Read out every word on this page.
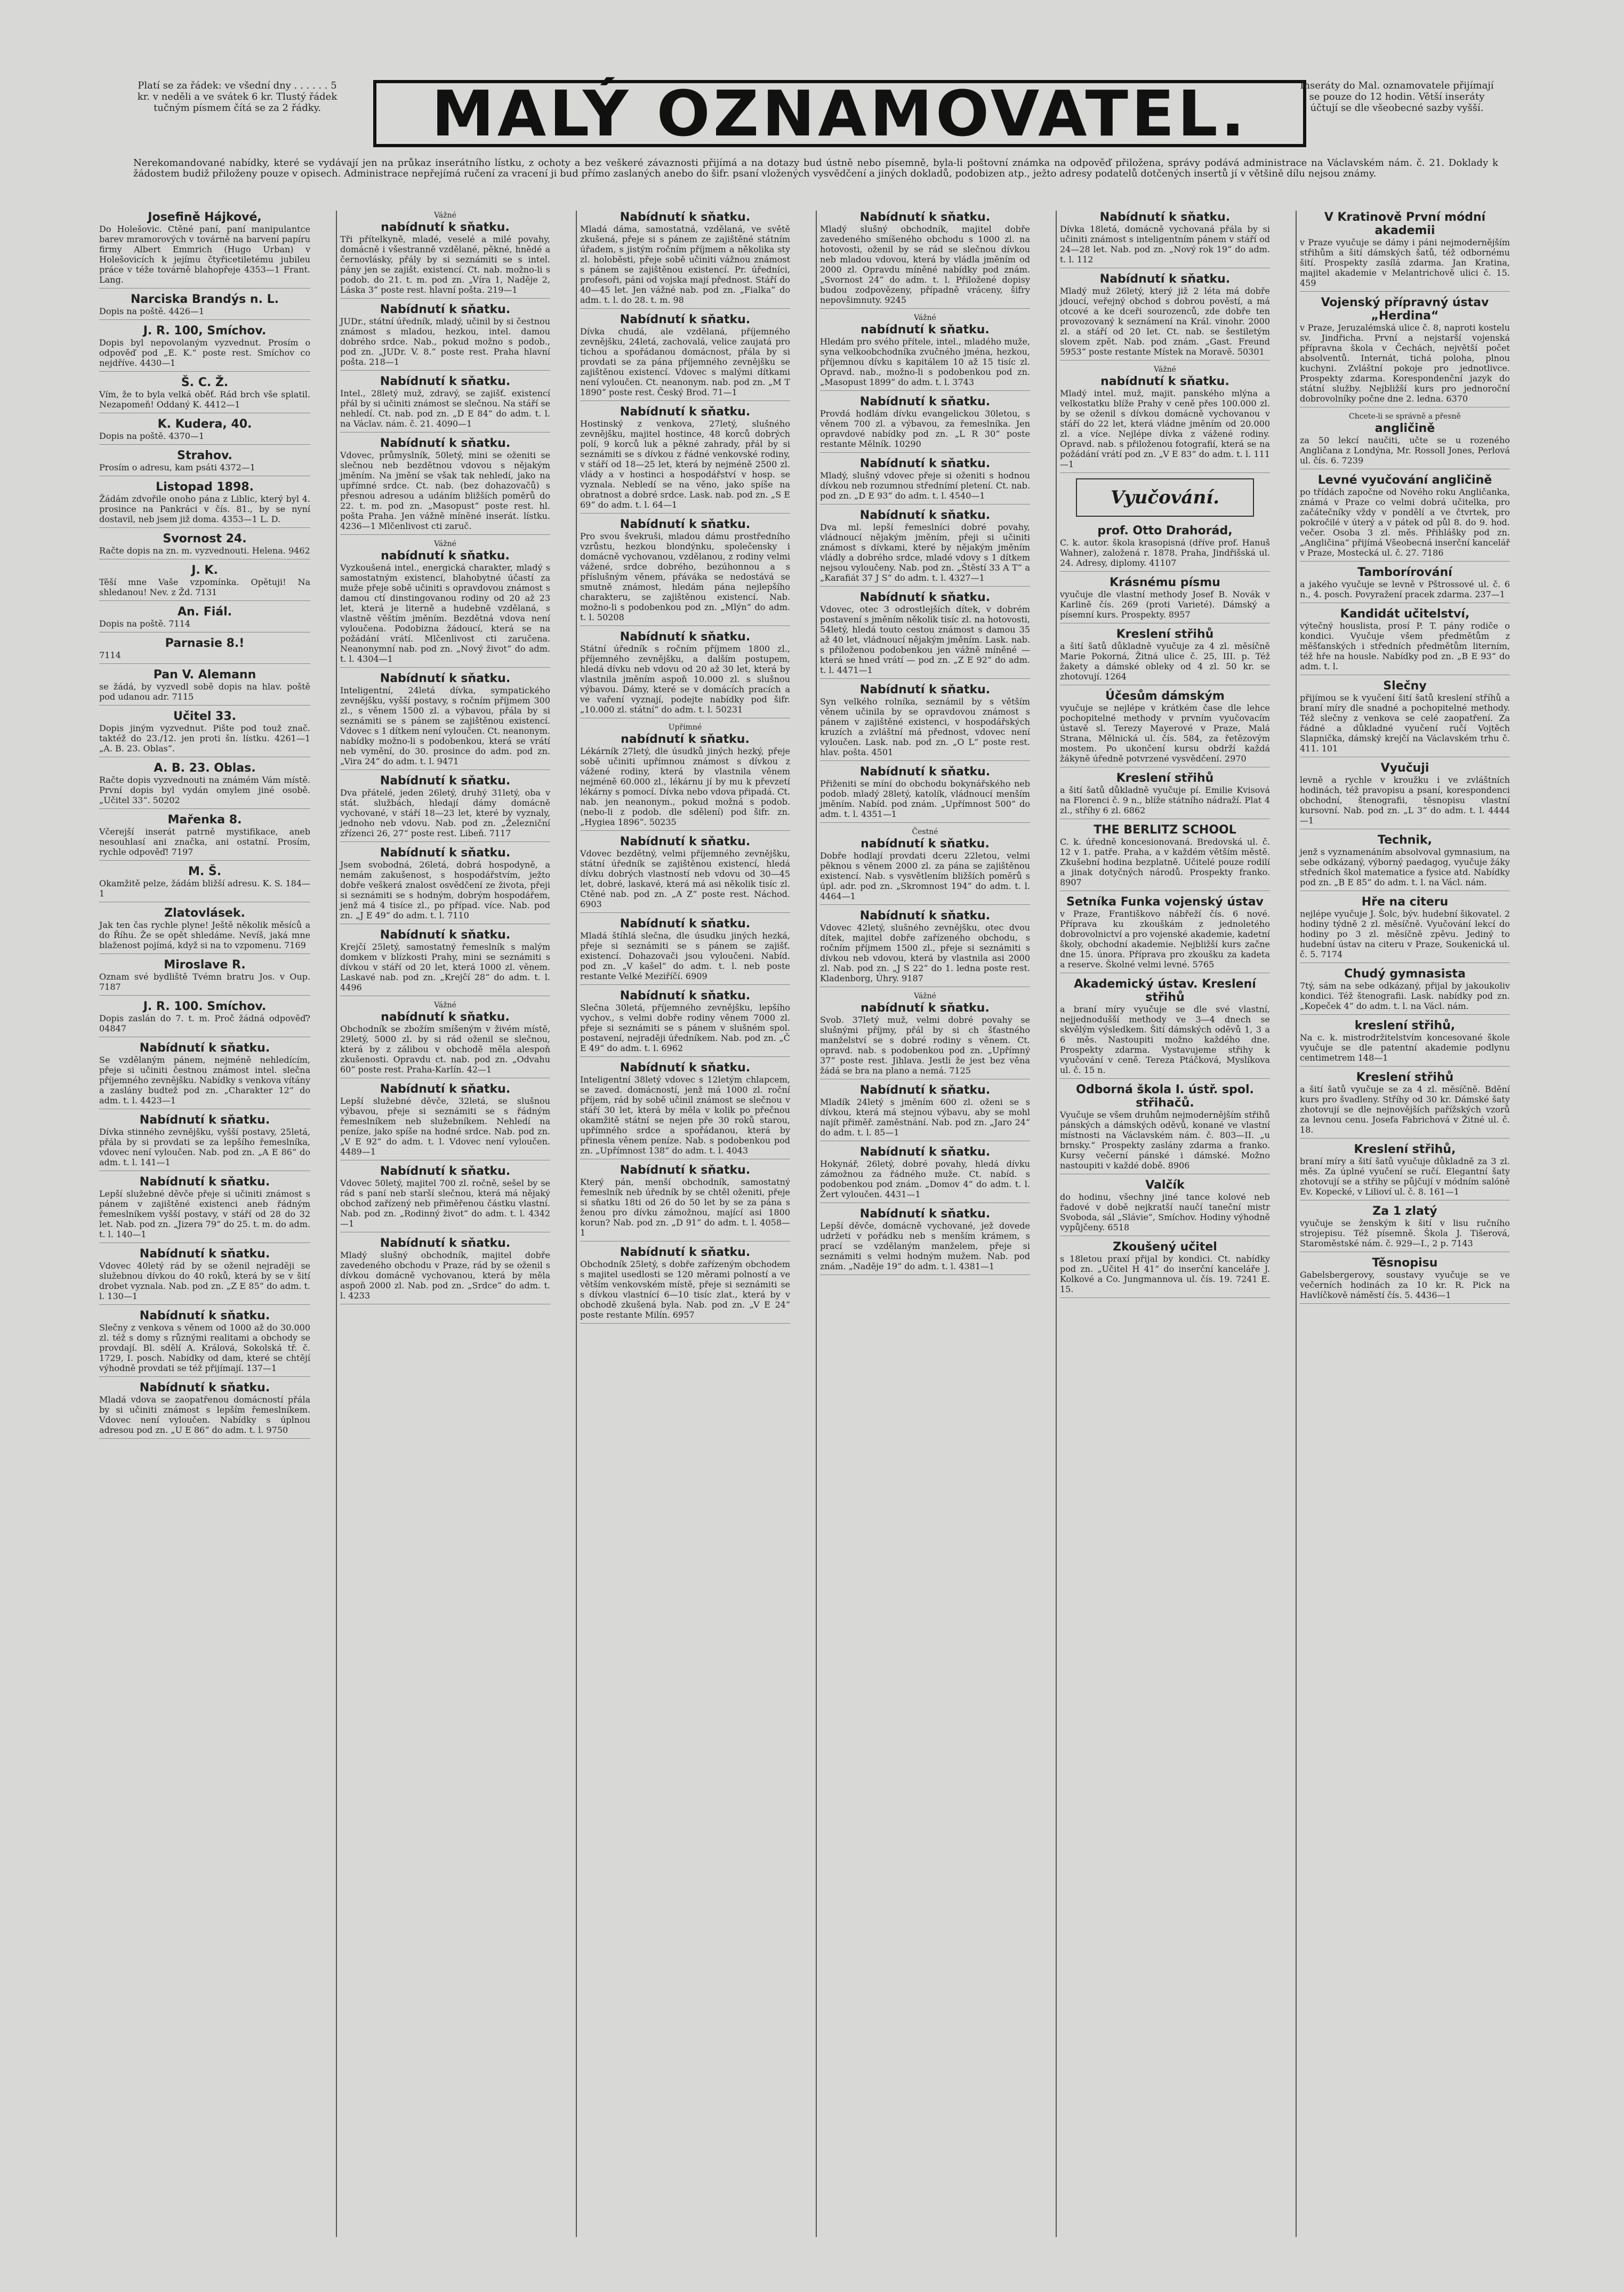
Platí se za řádek: ve všední dny . . . . . . 5 kr. v neděli a ve svátek 6 kr. Tlustý řádek tučným písmem čítá se za 2 řádky.	MALÝ OZNAMOVATEL.	Inseráty do Mal. oznamovatele přijímají se pouze do 12 hodin. Větší inseráty účtují se dle všeobecné sazby vyšší.
Nerekomandované nabídky, které se vydávají jen na průkaz inserátního lístku, z ochoty a bez veškeré závaznosti přijímá a na dotazy bud ústně nebo písemně, byla-li poštovní známka na odpověď přiložena, správy podává administrace na Václavském nám. č. 21. Doklady k žádostem budiž přiloženy pouze v opisech. Administrace nepřejímá ručení za vracení ji bud přímo zaslaných anebo do šifr. psaní vložených vysvědčení a jiných dokladů, podobizen atp., ježto adresy podatelů dotčených insertů jí v většině dílu nejsou známy.
Josefině Hájkové,
Do Holešovic. Ctěné paní, paní manipulantce barev mramorových v továrně na barvení papíru firmy Albert Emmrich (Hugo Urban) v Holešovicích k jejímu čtyřicetiletému jubileu práce v téže továrně blahopřeje 4353—1 Frant. Lang.
Narciska Brandýs n. L.
Dopis na poště. 4426—1
J. R. 100, Smíchov.
Dopis byl nepovolaným vyzvednut. Prosím o odpověď pod „E. K.“ poste rest. Smíchov co nejdříve. 4430—1
Š. C. Ž.
Vím, že to byla velká oběť. Rád brch vše splatil. Nezapomeň! Oddaný K. 4412—1
K. Kudera, 40.
Dopis na poště. 4370—1
Strahov.
Prosím o adresu, kam psáti 4372—1
Listopad 1898.
Žádám zdvořile onoho pána z Liblic, který byl 4. prosince na Pankráci v čís. 81., by se nyní dostavil, neb jsem již doma. 4353—1 L. D.
Svornost 24.
Račte dopis na zn. m. vyzvednouti. Helena. 9462
J. K.
Těší mne Vaše vzpomínka. Opětuji! Na shledanou! Nev. z Žd. 7131
An. Fiál.
Dopis na poště. 7114
Parnasie 8.!
7114
Pan V. Alemann
se žádá, by vyzvedl sobě dopis na hlav. poště pod udanou adr. 7115
Učitel 33.
Dopis jiným vyzvednut. Pište pod touž znač. taktéž do 23./12. jen proti šn. lístku. 4261—1 „A. B. 23. Oblas“.
A. B. 23. Oblas.
Račte dopis vyzvednouti na známém Vám místě. První dopis byl vydán omylem jiné osobě. „Učitel 33“. 50202
Mařenka 8.
Včerejší inserát patrně mystifikace, aneb nesouhlasí ani značka, ani ostatní. Prosím, rychle odpověď! 7197
M. Š.
Okamžitě pelze, žádám bližší adresu. K. S. 184—1
Zlatovlásek.
Jak ten čas rychle plyne! Ještě několik měsíců a do Říhu. Že se opět shledáme. Nevíš, jaká mne blaženost pojímá, když si na to vzpomenu. 7169
Miroslave R.
Oznam své bydliště Tvémn bratru Jos. v Oup. 7187
J. R. 100. Smíchov.
Dopis zaslán do 7. t. m. Proč žádná odpověď? 04847
Nabídnutí k sňatku.
Se vzdělaným pánem, nejméně nehledícím, přeje si učiniti čestnou známost intel. slečna příjemného zevnějšku. Nabídky s venkova vítány a zaslány budtež pod zn. „Charakter 12“ do adm. t. l. 4423—1
Nabídnutí k sňatku.
Dívka stinného zevnějšku, vyšší postavy, 25letá, přála by si provdati se za lepšího řemeslníka, vdovec není vyloučen. Nab. pod zn. „A E 86“ do adm. t. l. 141—1
Nabídnutí k sňatku.
Lepší služebné děvče přeje si učiniti známost s pánem v zajištěné existenci aneb řádným řemeslníkem vyšší postavy, v stáří od 28 do 32 let. Nab. pod zn. „Jizera 79“ do 25. t. m. do adm. t. l. 140—1
Nabídnutí k sňatku.
Vdovec 40letý rád by se oženil nejraději se služebnou dívkou do 40 roků, která by se v šití drobet vyznala. Nab. pod zn. „Z E 85“ do adm. t. l. 130—1
Nabídnutí k sňatku.
Slečny z venkova s věnem od 1000 až do 30.000 zl. též s domy s různými realitami a obchody se provdají. Bl. sdělí A. Králová, Sokolská tř. č. 1729, I. posch. Nabídky od dam, které se chtějí výhodně provdati se též přijímají. 137—1
Nabídnutí k sňatku.
Mladá vdova se zaopatřenou domácností přála by si učiniti známost s lepším řemeslníkem. Vdovec není vyloučen. Nabídky s úplnou adresou pod zn. „U E 86“ do adm. t. l. 9750
Vážné
nabídnutí k sňatku.
Tři přítelkyně, mladé, veselé a milé povahy, domácně i všestranně vzdělané, pěkné, hnědé a černovlásky, přály by si seznámiti se s intel. pány jen se zajišt. existencí. Ct. nab. možno-li s podob. do 21. t. m. pod zn. „Víra 1, Naděje 2, Láska 3“ poste rest. hlavní pošta. 219—1
Nabídnutí k sňatku.
JUDr., státní úředník, mladý, učinil by si čestnou známost s mladou, hezkou, intel. damou dobrého srdce. Nab., pokud možno s podob., pod zn. „JUDr. V. 8.“ poste rest. Praha hlavní pošta. 218—1
Nabídnutí k sňatku.
Intel., 28letý muž, zdravý, se zajišť. existencí přál by si učiniti známost se slečnou. Na stáří se nehledí. Ct. nab. pod zn. „D E 84“ do adm. t. l. na Václav. nám. č. 21. 4090—1
Nabídnutí k sňatku.
Vdovec, průmyslník, 50letý, mini se oženiti se slečnou neb bezdětnou vdovou s nějakým jměním. Na jmění se však tak nehledí, jako na upřímné srdce. Ct. nab. (bez dohazovačů) s přesnou adresou a udáním bližších poměrů do 22. t. m. pod zn. „Masopust“ poste rest. hl. pošta Praha. Jen vážně míněné inserát. lístku. 4236—1 Mlčenlivost cti zaruč.
Vážné
nabídnutí k sňatku.
Vyzkoušená intel., energická charakter, mladý s samostatným existencí, blahobytné účastí za muže přeje sobě učiniti s opravdovou známost s damou ctí dinstingovanou rodiny od 20 až 23 let, která je literně a hudebně vzdělaná, s vlastně věštím jměním. Bezdětná vdova není vyloučena. Podobizna žádoucí, která se na požádání vrátí. Mlčenlivost cti zaručena. Neanonymní nab. pod zn. „Nový život“ do adm. t. l. 4304—1
Nabídnutí k sňatku.
Inteligentní, 24letá dívka, sympatického zevnějšku, vyšší postavy, s ročním příjmem 300 zl., s věnem 1500 zl. a výbavou, přála by si seznámiti se s pánem se zajištěnou existencí. Vdovec s 1 dítkem není vyloučen. Ct. neanonym. nabídky možno-li s podobenkou, která se vrátí neb vymění, do 30. prosince do adm. pod zn. „Vira 24“ do adm. t. l. 9471
Nabídnutí k sňatku.
Dva přátelé, jeden 26letý, druhý 31letý, oba v stát. službách, hledají dámy domácně vychované, v stáří 18—23 let, které by vyznaly, jednoho neb vdovu. Nab. pod zn. „Železniční zřízenci 26, 27“ poste rest. Libeň. 7117
Nabídnutí k sňatku.
Jsem svobodná, 26letá, dobrá hospodyně, a nemám zakušenost, s hospodářstvím, ježto dobře veškerá znalost osvědčení ze života, přeji si seznámiti se s hodným, dobrým hospodářem, jenž má 4 tisíce zl., po případ. více. Nab. pod zn. „J E 49“ do adm. t. l. 7110
Nabídnutí k sňatku.
Krejčí 25letý, samostatný řemeslník s malým domkem v blízkosti Prahy, mini se seznámiti s dívkou v stáří od 20 let, která 1000 zl. věnem. Laskavé nab. pod zn. „Krejčí 28“ do adm. t. l. 4496
Vážné
nabídnutí k sňatku.
Obchodník se zbožím smíšeným v živém místě, 29letý, 5000 zl. by si rád oženil se slečnou, která by z zálibou v obchodě měla alespoň zkušenosti. Opravdu ct. nab. pod zn. „Odvahu 60“ poste rest. Praha-Karlín. 42—1
Nabídnutí k sňatku.
Lepší služebné děvče, 32letá, se slušnou výbavou, přeje si seznámiti se s řádným řemeslníkem neb služebníkem. Nehledí na peníze, jako spíše na hodné srdce. Nab. pod zn. „V E 92“ do adm. t. l. Vdovec není vyloučen. 4489—1
Nabídnutí k sňatku.
Vdovec 50letý, majitel 700 zl. ročně, sešel by se rád s paní neb starší slečnou, která má nějaký obchod zařízený neb přiměřenou částku vlastní. Nab. pod zn. „Rodinný život“ do adm. t. l. 4342—1
Nabídnutí k sňatku.
Mladý slušný obchodník, majitel dobře zavedeného obchodu v Praze, rád by se oženil s dívkou domácně vychovanou, která by měla aspoň 2000 zl. Nab. pod zn. „Srdce“ do adm. t. l. 4233
Nabídnutí k sňatku.
Mladá dáma, samostatná, vzdělaná, ve světě zkušená, přeje si s pánem ze zajištěné státním úřadem, s jistým ročním příjmem a několika sty zl. holoběsti, přeje sobě učiniti vážnou známost s pánem se zajištěnou existencí. Pr. úředníci, profesoři, páni od vojska mají přednost. Stáří do 40—45 let. Jen vážné nab. pod zn. „Fialka“ do adm. t. l. do 28. t. m. 98
Nabídnutí k sňatku.
Dívka chudá, ale vzdělaná, příjemného zevnějšku, 24letá, zachovalá, velice zaujatá pro tichou a spořádanou domácnost, přála by si provdati se za pána příjemného zevnějšku se zajištěnou existencí. Vdovec s malými dítkami není vyloučen. Ct. neanonym. nab. pod zn. „M T 1890“ poste rest. Český Brod. 71—1
Nabídnutí k sňatku.
Hostinský z venkova, 27letý, slušného zevnějšku, majitel hostince, 48 korců dobrých polí, 9 korců luk a pěkné zahrady, přál by si seznámiti se s dívkou z řádné venkovské rodiny, v stáří od 18—25 let, která by nejméně 2500 zl. vlády a v hostinci a hospodářství v hosp. se vyznala. Nebledí se na věno, jako spíše na obratnost a dobré srdce. Lask. nab. pod zn. „S E 69“ do adm. t. l. 64—1
Nabídnutí k sňatku.
Pro svou švekruši, mladou dámu prostředního vzrůstu, hezkou blondýnku, společensky i domácně vychovanou, vzdělanou, z rodiny velmi vážené, srdce dobrého, bezúhonnou a s příslušným věnem, přáváka se nedostává se smutně známost, hledám pána nejlepšího charakteru, se zajištěnou existencí. Nab. možno-li s podobenkou pod zn. „Mlýn“ do adm. t. l. 50208
Nabídnutí k sňatku.
Státní úředník s ročním příjmem 1800 zl., příjemného zevnějšku, a dalším postupem, hledá dívku neb vdovu od 20 až 30 let, která by vlastnila jměním aspoň 10.000 zl. s slušnou výbavou. Dámy, které se v domácích pracích a ve vaření vyznají, podejte nabídky pod šifr. „10.000 zl. státní“ do adm. t. l. 50231
Upřímné
nabídnutí k sňatku.
Lékárník 27letý, dle úsudků jiných hezký, přeje sobě učiniti upřímnou známost s dívkou z vážené rodiny, která by vlastnila věnem nejméně 60.000 zl., lékárnu jí by mu k převzetí lékárny s pomocí. Dívka nebo vdova připadá. Ct. nab. jen neanonym., pokud možná s podob. (nebo-li z podob. dle sdělení) pod šifr. zn. „Hygiea 1896“. 50235
Nabídnutí k sňatku.
Vdovec bezdětný, velmi příjemného zevnějšku, státní úředník se zajištěnou existencí, hledá dívku dobrých vlastností neb vdovu od 30—45 let, dobré, laskavé, která má asi několik tisíc zl. Ctěné nab. pod zn. „A Z“ poste rest. Náchod. 6903
Nabídnutí k sňatku.
Mladá štíhlá slečna, dle úsudku jiných hezká, přeje si seznámiti se s pánem se zajišť. existencí. Dohazovači jsou vyloučeni. Nabíd. pod zn. „V kašel“ do adm. t. l. neb poste restante Velké Meziříčí. 6909
Nabídnutí k sňatku.
Slečna 30letá, příjemného zevnějšku, lepšího vychov., s velmi dobře rodiny věnem 7000 zl. přeje si seznámiti se s pánem v slušném spol. postavení, nejraději úředníkem. Nab. pod zn. „Č E 49“ do adm. t. l. 6962
Nabídnutí k sňatku.
Inteligentní 38letý vdovec s 12letým chlapcem, se zaved. domácností, jenž má 1000 zl. roční příjem, rád by sobě učinil známost se slečnou v stáří 30 let, která by měla v kolik po přečnou okamžitě státní se nejen pře 30 roků starou, upřímného srdce a spořádanou, která by přinesla věnem peníze. Nab. s podobenkou pod zn. „Upřímnost 138“ do adm. t. l. 4043
Nabídnutí k sňatku.
Který pán, menší obchodník, samostatný řemeslník neb úředník by se chtěl oženiti, přeje si sňatku 18ti od 26 do 50 let by se za pána s ženou pro dívku zámožnou, mající asi 1800 korun? Nab. pod zn. „D 91“ do adm. t. l. 4058—1
Nabídnutí k sňatku.
Obchodník 25letý, s dobře zařízeným obchodem s majitel usedlosti se 120 měrami polností a ve větším venkovském místě, přeje si seznámiti se s dívkou vlastnící 6—10 tisíc zlat., která by v obchodě zkušená byla. Nab. pod zn. „V E 24“ poste restante Milín. 6957
Nabídnutí k sňatku.
Mladý slušný obchodník, majitel dobře zavedeného smíšeného obchodu s 1000 zl. na hotovosti, oženil by se rád se slečnou dívkou neb mladou vdovou, která by vládla jměním od 2000 zl. Opravdu míněné nabídky pod znám. „Svornost 24“ do adm. t. l. Přiložené dopisy budou zodpovězeny, případně vráceny, šifry nepovšimnuty. 9245
Vážné
nabídnutí k sňatku.
Hledám pro svého přítele, intel., mladého muže, syna velkoobchodníka zvučného jména, hezkou, příjemnou dívku s kapitálem 10 až 15 tisíc zl. Opravd. nab., možno-li s podobenkou pod zn. „Masopust 1899“ do adm. t. l. 3743
Nabídnutí k sňatku.
Provdá hodlám dívku evangelickou 30letou, s věnem 700 zl. a výbavou, za řemeslníka. Jen opravdové nabídky pod zn. „L R 30“ poste restante Mělník. 10290
Nabídnutí k sňatku.
Mladý, slušný vdovec přeje si oženiti s hodnou dívkou neb rozumnou střednímí pletení. Ct. nab. pod zn. „D E 93“ do adm. t. l. 4540—1
Nabídnutí k sňatku.
Dva ml. lepší řemeslníci dobré povahy, vládnoucí nějakým jměním, přeji si učiniti známost s dívkami, které by nějakým jměním vládly a dobrého srdce, mladé vdovy s 1 dítkem nejsou vyloučeny. Nab. pod zn. „Štěstí 33 A T“ a „Karafiát 37 J S“ do adm. t. l. 4327—1
Nabídnutí k sňatku.
Vdovec, otec 3 odrostlejších dítek, v dobrém postavení s jměním několik tisíc zl. na hotovosti, 54letý, hledá touto cestou známost s damou 35 až 40 let, vládnoucí nějakým jměním. Lask. nab. s přiloženou podobenkou jen vážně míněné — která se hned vrátí — pod zn. „Z E 92“ do adm. t. l. 4471—1
Nabídnutí k sňatku.
Syn velkého rolníka, seznámil by s větším věnem učinila by se opravdovou známost s pánem v zajištěné existenci, v hospodářských kruzích a zvláštní má přednost, vdovec není vyloučen. Lask. nab. pod zn. „O L“ poste rest. hlav. pošta. 4501
Nabídnutí k sňatku.
Přiženiti se míní do obchodu bokynářského neb podob. mladý 28letý, katolík, vládnoucí menším jměním. Nabíd. pod znám. „Upřímnost 500“ do adm. t. l. 4351—1
Čestné
nabídnutí k sňatku.
Dobře hodlají provdati dceru 22letou, velmi pěknou s věnem 2000 zl. za pána se zajištěnou existencí. Nab. s vysvětlením bližších poměrů s úpl. adr. pod zn. „Skromnost 194“ do adm. t. l. 4464—1
Nabídnutí k sňatku.
Vdovec 42letý, slušného zevnějšku, otec dvou dítek, majitel dobře zařízeného obchodu, s ročním příjmem 1500 zl., přeje si seznámiti s dívkou neb vdovou, která by vlastnila asi 2000 zl. Nab. pod zn. „J S 22“ do 1. ledna poste rest. Kladenborg, Úhry. 9187
Vážné
nabídnutí k sňatku.
Svob. 37letý muž, velmi dobré povahy se slušnými příjmy, přál by si ch šťastného manželství se s dobré rodiny s věnem. Ct. opravd. nab. s podobenkou pod zn. „Upřímný 37“ poste rest. Jihlava. Jestli že jest bez věna žádá se bra na plano a nemá. 7125
Nabídnutí k sňatku.
Mladík 24letý s jměním 600 zl. oženi se s dívkou, která má stejnou výbavu, aby se mohl najít přiměř. zaměstnání. Nab. pod zn. „Jaro 24“ do adm. t. l. 85—1
Nabídnutí k sňatku.
Hokynář, 26letý, dobré povahy, hledá dívku zámožnou za řádného muže. Ct. nabíd. s podobenkou pod znám. „Domov 4“ do adm. t. l. Žert vyloučen. 4431—1
Nabídnutí k sňatku.
Lepší děvče, domácně vychované, jež dovede udržeti v pořádku neb s menším krámem, s prací se vzdělaným manželem, přeje si seznámiti s velmi hodným mužem. Nab. pod znám. „Naděje 19“ do adm. t. l. 4381—1
Nabídnutí k sňatku.
Dívka 18letá, domácně vychovaná přála by si učiniti známost s inteligentním pánem v stáří od 24—28 let. Nab. pod zn. „Nový rok 19“ do adm. t. l. 112
Nabídnutí k sňatku.
Mladý muž 26letý, který již 2 léta má dobře jdoucí, veřejný obchod s dobrou pověstí, a má otcové a ke dceři sourozenců, zde dobře ten provozovaný k seznámení na Král. vinohr. 2000 zl. a stáří od 20 let. Ct. nab. se šestiletým slovem zpět. Nab. pod znám. „Gast. Freund 5953“ poste restante Místek na Moravě. 50301
Vážné
nabídnutí k sňatku.
Mladý intel. muž, majit. panského mlýna a velkostatku blíže Prahy v ceně přes 100.000 zl. by se oženil s dívkou domácně vychovanou v stáří do 22 let, která vládne jměním od 20.000 zl. a více. Nejlépe dívka z vážené rodiny. Opravd. nab. s přiloženou fotografií, která se na požádání vrátí pod zn. „V E 83“ do adm. t. l. 111—1
Vyučování.
prof. Otto Drahorád,
C. k. autor. škola krasopisná (dříve prof. Hanuš Wahner), založená r. 1878. Praha, Jindřišská ul. 24. Adresy, diplomy. 41107
Krásnému písmu
vyučuje dle vlastní methody Josef B. Novák v Karlině čís. 269 (proti Varieté). Dámský a písemní kurs. Prospekty. 8957
Kreslení střihů
a šití šatů důkladně vyučuje za 4 zl. měsíčně Marie Pokorná, Žitná ulice č. 25, III. p. Též žakety a dámské obleky od 4 zl. 50 kr. se zhotovují. 1264
Účesům dámským
vyučuje se nejlépe v krátkém čase dle lehce pochopitelné methody v prvním vyučovacím ústavě sl. Terezy Mayerové v Praze, Malá Strana, Mělnická ul. čís. 584, za řetězovým mostem. Po ukončení kursu obdrží každá žákyně úředně potvrzené vysvědčení. 2970
Kreslení střihů
a šití šatů důkladně vyučuje pí. Emilie Kvisová na Florenci č. 9 n., blíže státního nádraží. Plat 4 zl., stříhy 6 zl. 6862
THE BERLITZ SCHOOL
C. k. úředně koncesionovaná. Bredovská ul. č. 12 v 1. patře. Praha, a v každém větším městě. Zkušební hodina bezplatně. Učitelé pouze rodilí a jinak dotyčných národů. Prospekty franko. 8907
Setníka Funka vojenský ústav
v Praze, Františkovo nábřeží čís. 6 nové. Příprava ku zkouškám z jednoletého dobrovolnictví a pro vojenské akademie, kadetní školy, obchodní akademie. Nejbližší kurs začne dne 15. února. Příprava pro zkoušku za kadeta a reserve. Školné velmi levné. 5765
Akademický ústav. Kreslení střihů
a braní míry vyučuje se dle své vlastní, nejjednodušší methody ve 3—4 dnech se skvělým výsledkem. Šití dámských oděvů 1, 3 a 6 měs. Nastoupiti možno každého dne. Prospekty zdarma. Vystavujeme střihy k vyučování v ceně. Tereza Ptáčková, Myslíkova ul. č. 15 n.
Odborná škola I. ústř. spol. střihačů.
Vyučuje se všem druhům nejmodernějším střihů pánských a dámských oděvů, konané ve vlastní místnosti na Václavském nám. č. 803—II. „u brnsky.“ Prospekty zaslány zdarma a franko. Kursy večerní pánské i dámské. Možno nastoupiti v každé době. 8906
Valčík
do hodinu, všechny jiné tance kolové neb řadové v době nejkratší naučí taneční mistr Svoboda, sál „Slávie“, Smíchov. Hodiny výhodně vypůjčeny. 6518
Zkoušený učitel
s 18letou praxí přijal by kondici. Ct. nabídky pod zn. „Učitel H 41“ do inserční kanceláře J. Kolkové a Co. Jungmannova ul. čís. 19. 7241 E. 15.
V Kratinově První módní akademii
v Praze vyučuje se dámy i páni nejmodernějším střihům a šití dámských šatů, též odbornému šití. Prospekty zasílá zdarma. Jan Kratina, majitel akademie v Melantrichově ulici č. 15. 459
Vojenský přípravný ústav „Herdina“
v Praze, Jeruzalémská ulice č. 8, naproti kostelu sv. Jindřicha. První a nejstarší vojenská přípravna škola v Čechách, největší počet absolventů. Internát, tichá poloha, plnou kuchyni. Zvláštní pokoje pro jednotlivce. Prospekty zdarma. Korespondenční jazyk do státní služby. Nejbližší kurs pro jednoroční dobrovolníky počne dne 2. ledna. 6370
Chcete-li se správně a přesně
angličině
za 50 lekcí naučiti, učte se u rozeného Angličana z Londýna, Mr. Rossoll Jones, Perlová ul. čís. 6. 7239
Levné vyučování angličině
po třídách započne od Nového roku Angličanka, známá v Praze co velmi dobrá učitelka, pro začátečníky vždy v pondělí a ve čtvrtek, pro pokročilé v úterý a v pátek od půl 8. do 9. hod. večer. Osoba 3 zl. měs. Přihlášky pod zn. „Angličina“ přijímá Všeobecná inserční kancelář v Praze, Mostecká ul. č. 27. 7186
Tamborírování
a jakého vyučuje se levně v Pštrossové ul. č. 6 n., 4. posch. Povyražení pracek zdarma. 237—1
Kandidát učitelství,
výtečný houslista, prosí P. T. pány rodiče o kondici. Vyučuje všem předmětům z měšťanských i středních předmětům literním, též hře na housle. Nabídky pod zn. „B E 93“ do adm. t. l.
Slečny
přijímou se k vyučení šití šatů kreslení stříhů a braní míry dle snadné a pochopitelné methody. Též slečny z venkova se celé zaopatření. Za řádné a důkladné vyučení ručí Vojtěch Slapnička, dámský krejčí na Václavském trhu č. 411. 101
Vyučuji
levně a rychle v kroužku i ve zvláštních hodinách, též pravopisu a psaní, korespondenci obchodní, štenografii, těsnopisu vlastní kursovní. Nab. pod zn. „L 3“ do adm. t. l. 4444—1
Technik,
jenž s vyznamenáním absolvoval gymnasium, na sebe odkázaný, výborný paedagog, vyučuje žáky středních škol matematice a fysice atd. Nabídky pod zn. „B E 85“ do adm. t. l. na Václ. nám.
Hře na citeru
nejlépe vyučuje J. Šolc, býv. hudební šikovatel. 2 hodiny týdně 2 zl. měsíčně. Vyučování lekcí do hodiny po 3 zl. měsíčně zpěvu. Jediný to hudební ústav na citeru v Praze, Soukenická ul. č. 5. 7174
Chudý gymnasista
7tý, sám na sebe odkázaný, přijal by jakoukoliv kondici. Též štenografii. Lask. nabídky pod zn. „Kopeček 4“ do adm. t. l. na Václ. nám.
kreslení střihů,
Na c. k. mistrodržitelstvím koncesované škole vyučuje se dle patentní akademie podlynu centimetrem 148—1
Kreslení střihů
a šití šatů vyučuje se za 4 zl. měsíčně. Bdění kurs pro švadleny. Stříhy od 30 kr. Dámské šaty zhotovují se dle nejnovějších pařížských vzorů za levnou cenu. Josefa Fabrichová v Žitné ul. č. 18.
Kreslení střihů,
braní míry a šití šatů vyučuje důkladně za 3 zl. měs. Za úplné vyučení se ručí. Elegantní šaty zhotovují se a střihy se půjčují v módním salóně Ev. Kopecké, v Lilioví ul. č. 8. 161—1
Za 1 zlatý
vyučuje se ženským k šití v lisu ručního strojepisu. Též písemně. Škola J. Tišerová, Staroměstské nám. č. 929—I., 2 p. 7143
Těsnopisu
Gabelsbergerovy, soustavy vyučuje se ve večerních hodinách za 10 kr. R. Pick na Havlíčkově náměstí čís. 5. 4436—1
